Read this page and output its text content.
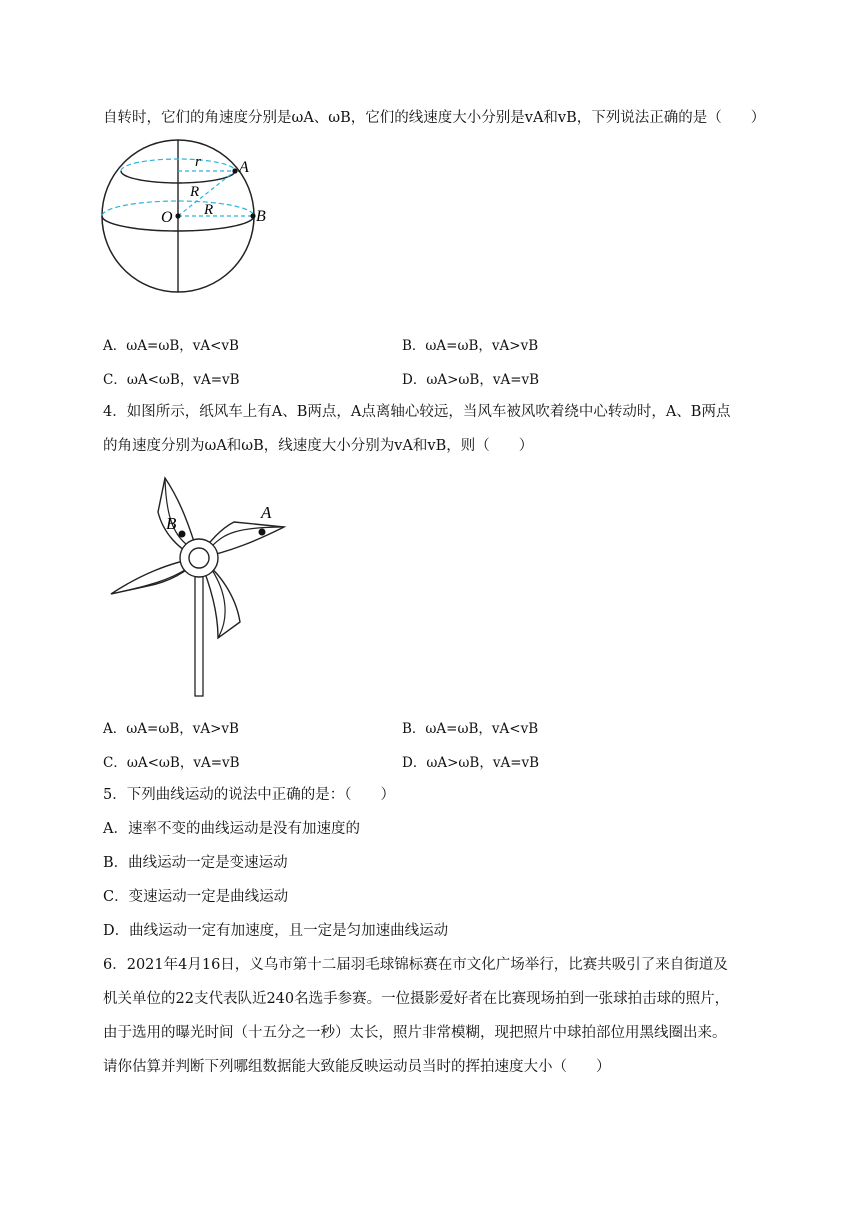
自转时，它们的角速度分别是ωA、ωB，它们的线速度大小分别是vA和vB，下列说法正确的是（　　）
r
R
R
O
A
B
A．ωA=ωB，vA<vB	B．ωA=ωB，vA>vB
C．ωA<ωB，vA=vB	D．ωA>ωB，vA=vB
4．如图所示，纸风车上有A、B两点，A点离轴心较远，当风车被风吹着绕中心转动时，A、B两点
的角速度分别为ωA和ωB，线速度大小分别为vA和vB，则（　　）
B
A
A．ωA=ωB，vA>vB	B．ωA=ωB，vA<vB
C．ωA<ωB，vA=vB	D．ωA>ωB，vA=vB
5．下列曲线运动的说法中正确的是：（　　）
A．速率不变的曲线运动是没有加速度的
B．曲线运动一定是变速运动
C．变速运动一定是曲线运动
D．曲线运动一定有加速度，且一定是匀加速曲线运动
6．2021年4月16日，义乌市第十二届羽毛球锦标赛在市文化广场举行，比赛共吸引了来自街道及
机关单位的22支代表队近240名选手参赛。一位摄影爱好者在比赛现场拍到一张球拍击球的照片，
由于选用的曝光时间（十五分之一秒）太长，照片非常模糊，现把照片中球拍部位用黑线圈出来。
请你估算并判断下列哪组数据能大致能反映运动员当时的挥拍速度大小（　　）
